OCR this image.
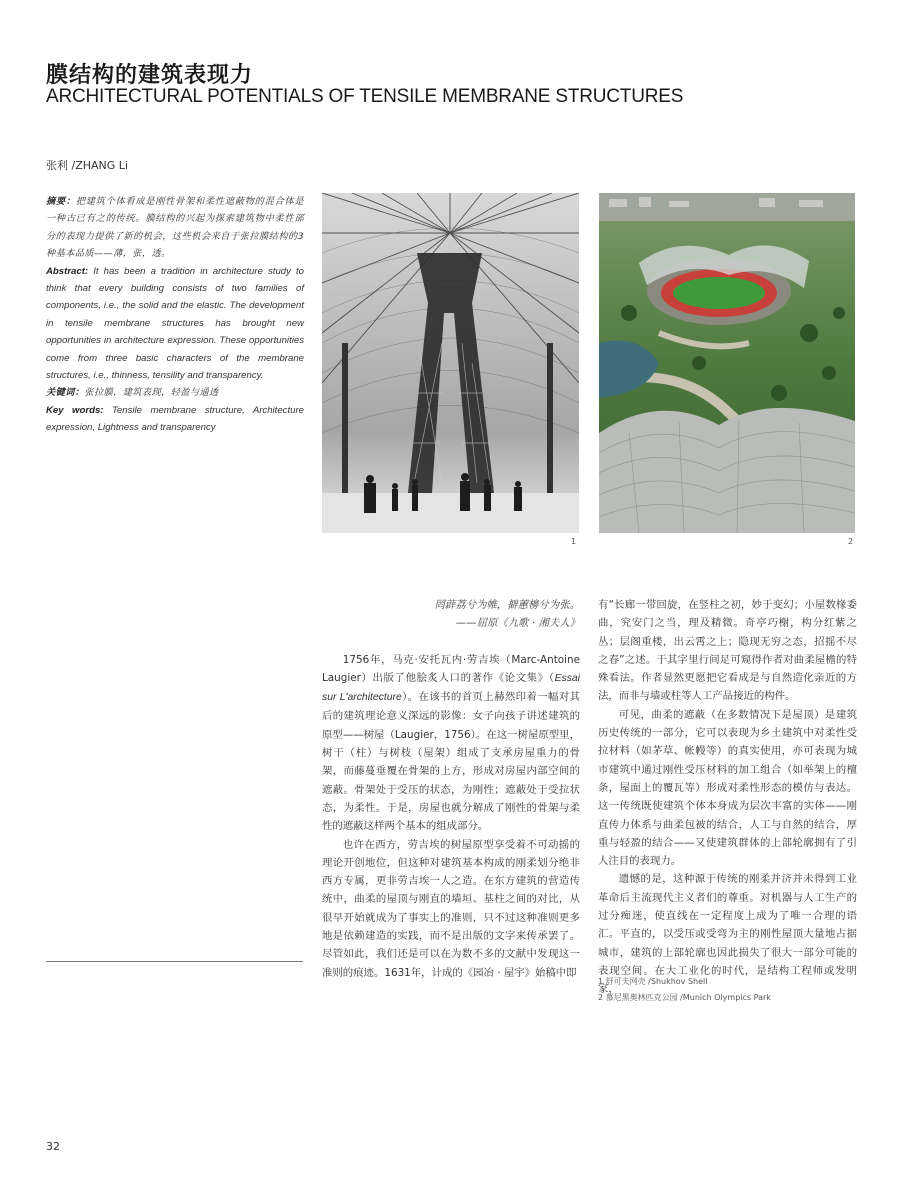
膜结构的建筑表现力
ARCHITECTURAL POTENTIALS OF TENSILE MEMBRANE STRUCTURES
张利 /ZHANG Li

摘要：把建筑个体看成是刚性骨架和柔性遮蔽物的混合体是一种古已有之的传统。膜结构的兴起为探索建筑物中柔性部分的表现力提供了新的机会，这些机会来自于张拉膜结构的3种基本品质——薄，张，透。

Abstract: It has been a tradition in architecture study to think that every building consists of two families of components, i.e., the solid and the elastic. The development in tensile membrane structures has brought new opportunities in architecture expression. These opportunities come from three basic characters of the membrane structures, i.e., thinness, tensility and transparency.

关键词：张拉膜，建筑表现，轻盈与通透

Key words: Tensile membrane structure, Architecture expression, Lightness and transparency

1	2

罔薜荔兮为帷，擗蕙櫋兮为张。

——屈原《九歌 · 湘夫人》

1756年，马克·安托瓦内·劳吉埃（Marc-Antoine Laugier）出版了他脍炙人口的著作《论文集》（Essai sur L'architecture）。在该书的首页上赫然印着一幅对其后的建筑理论意义深远的影像：女子向孩子讲述建筑的原型——树屋（Laugier，1756）。在这一树屋原型里，树干（柱）与树枝（屋架）组成了支承房屋重力的骨架，而藤蔓垂覆在骨架的上方，形成对房屋内部空间的遮蔽。骨架处于受压的状态，为刚性；遮蔽处于受拉状态，为柔性。于是，房屋也就分解成了刚性的骨架与柔性的遮蔽这样两个基本的组成部分。

也许在西方，劳吉埃的树屋原型享受着不可动摇的理论开创地位，但这种对建筑基本构成的刚柔划分绝非西方专属，更非劳吉埃一人之造。在东方建筑的营造传统中，曲柔的屋顶与刚直的墙垣、基柱之间的对比，从很早开始就成为了事实上的准则，只不过这种准则更多地是依赖建造的实践，而不是出版的文字来传承罢了。尽管如此，我们还是可以在为数不多的文献中发现这一准则的痕迹。1631年，计成的《园冶 · 屋宇》始稿中即

有“长廊一带回旋，在竖柱之初，妙于变幻；小屋数椽委曲，究安门之当，理及精微。奇亭巧榭，构分红紫之丛；层阁重楼，出云霄之上；隐现无穷之态，招摇不尽之春”之述。于其字里行间足可窥得作者对曲柔屋檐的特殊看法。作者显然更愿把它看成是与自然造化亲近的方法，而非与墙或柱等人工产品接近的构件。

可见，曲柔的遮蔽（在多数情况下是屋顶）是建筑历史传统的一部分，它可以表现为乡土建筑中对柔性受拉材料（如茅草、帐幔等）的真实使用，亦可表现为城市建筑中通过刚性受压材料的加工组合（如举架上的檀条，屋面上的覆瓦等）形成对柔性形态的模仿与表达。这一传统既使建筑个体本身成为层次丰富的实体——刚直传力体系与曲柔包被的结合，人工与自然的结合，厚重与轻盈的结合——又使建筑群体的上部轮廓拥有了引人注目的表现力。

遗憾的是，这种源于传统的刚柔并济并未得到工业革命后主流现代主义者们的尊重。对机器与人工生产的过分痴迷，使直线在一定程度上成为了唯一合理的语汇。平直的，以受压或受弯为主的刚性屋顶大量地占据城市，建筑的上部轮廓也因此损失了很大一部分可能的表现空间。在大工业化的时代，是结构工程师或发明家，

1 舒可夫网壳 /Shukhov Shell
2 慕尼黑奥林匹克公园 /Munich Olympics Park
32
